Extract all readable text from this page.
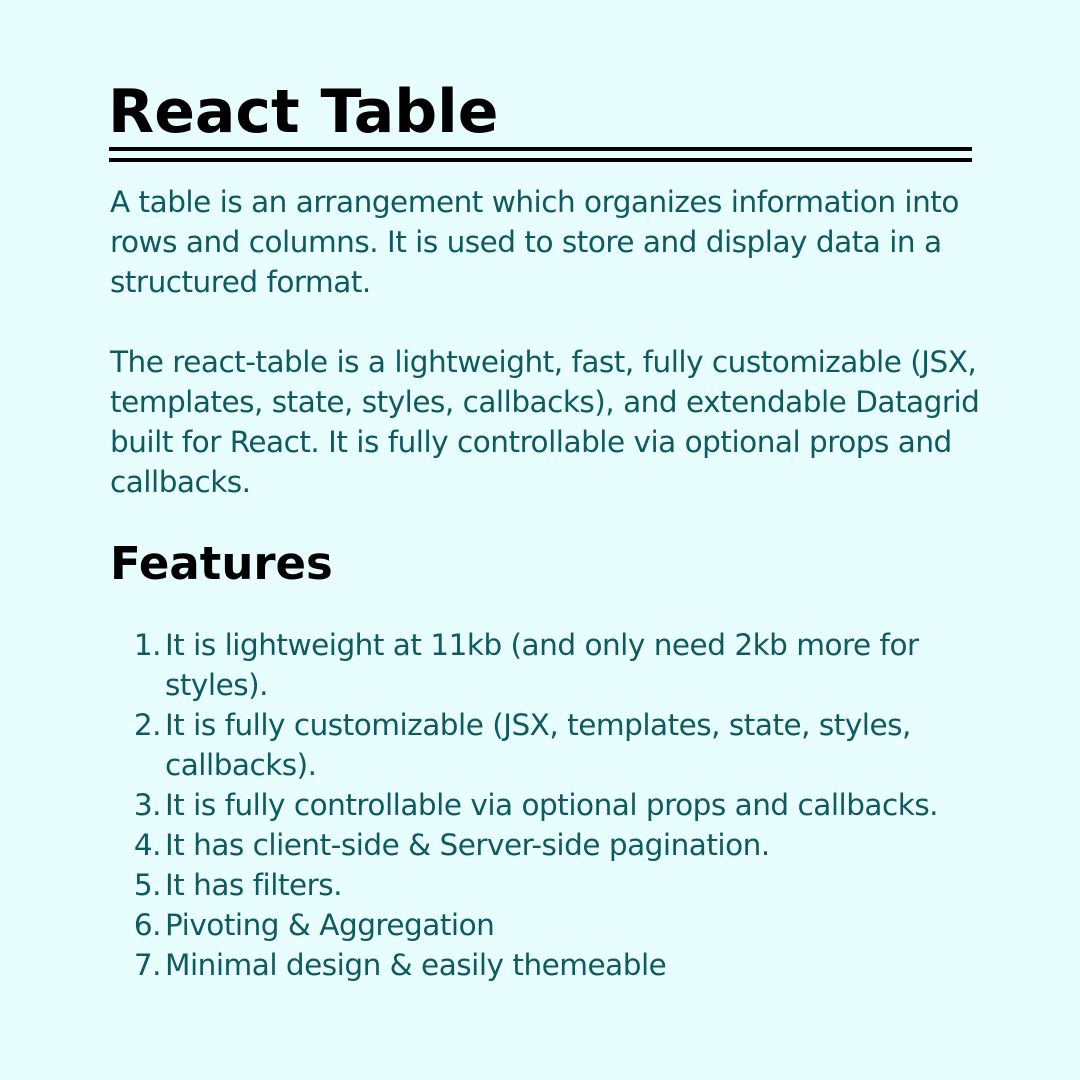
React Table

A table is an arrangement which organizes information into rows and columns. It is used to store and display data in a structured format.

The react-table is a lightweight, fast, fully customizable (JSX, templates, state, styles, callbacks), and extendable Datagrid built for React. It is fully controllable via optional props and callbacks.

Features
1. It is lightweight at 11kb (and only need 2kb more for styles).
2. It is fully customizable (JSX, templates, state, styles, callbacks).
3. It is fully controllable via optional props and callbacks.
4. It has client-side & Server-side pagination.
5. It has filters.
6. Pivoting & Aggregation
7. Minimal design & easily themeable
